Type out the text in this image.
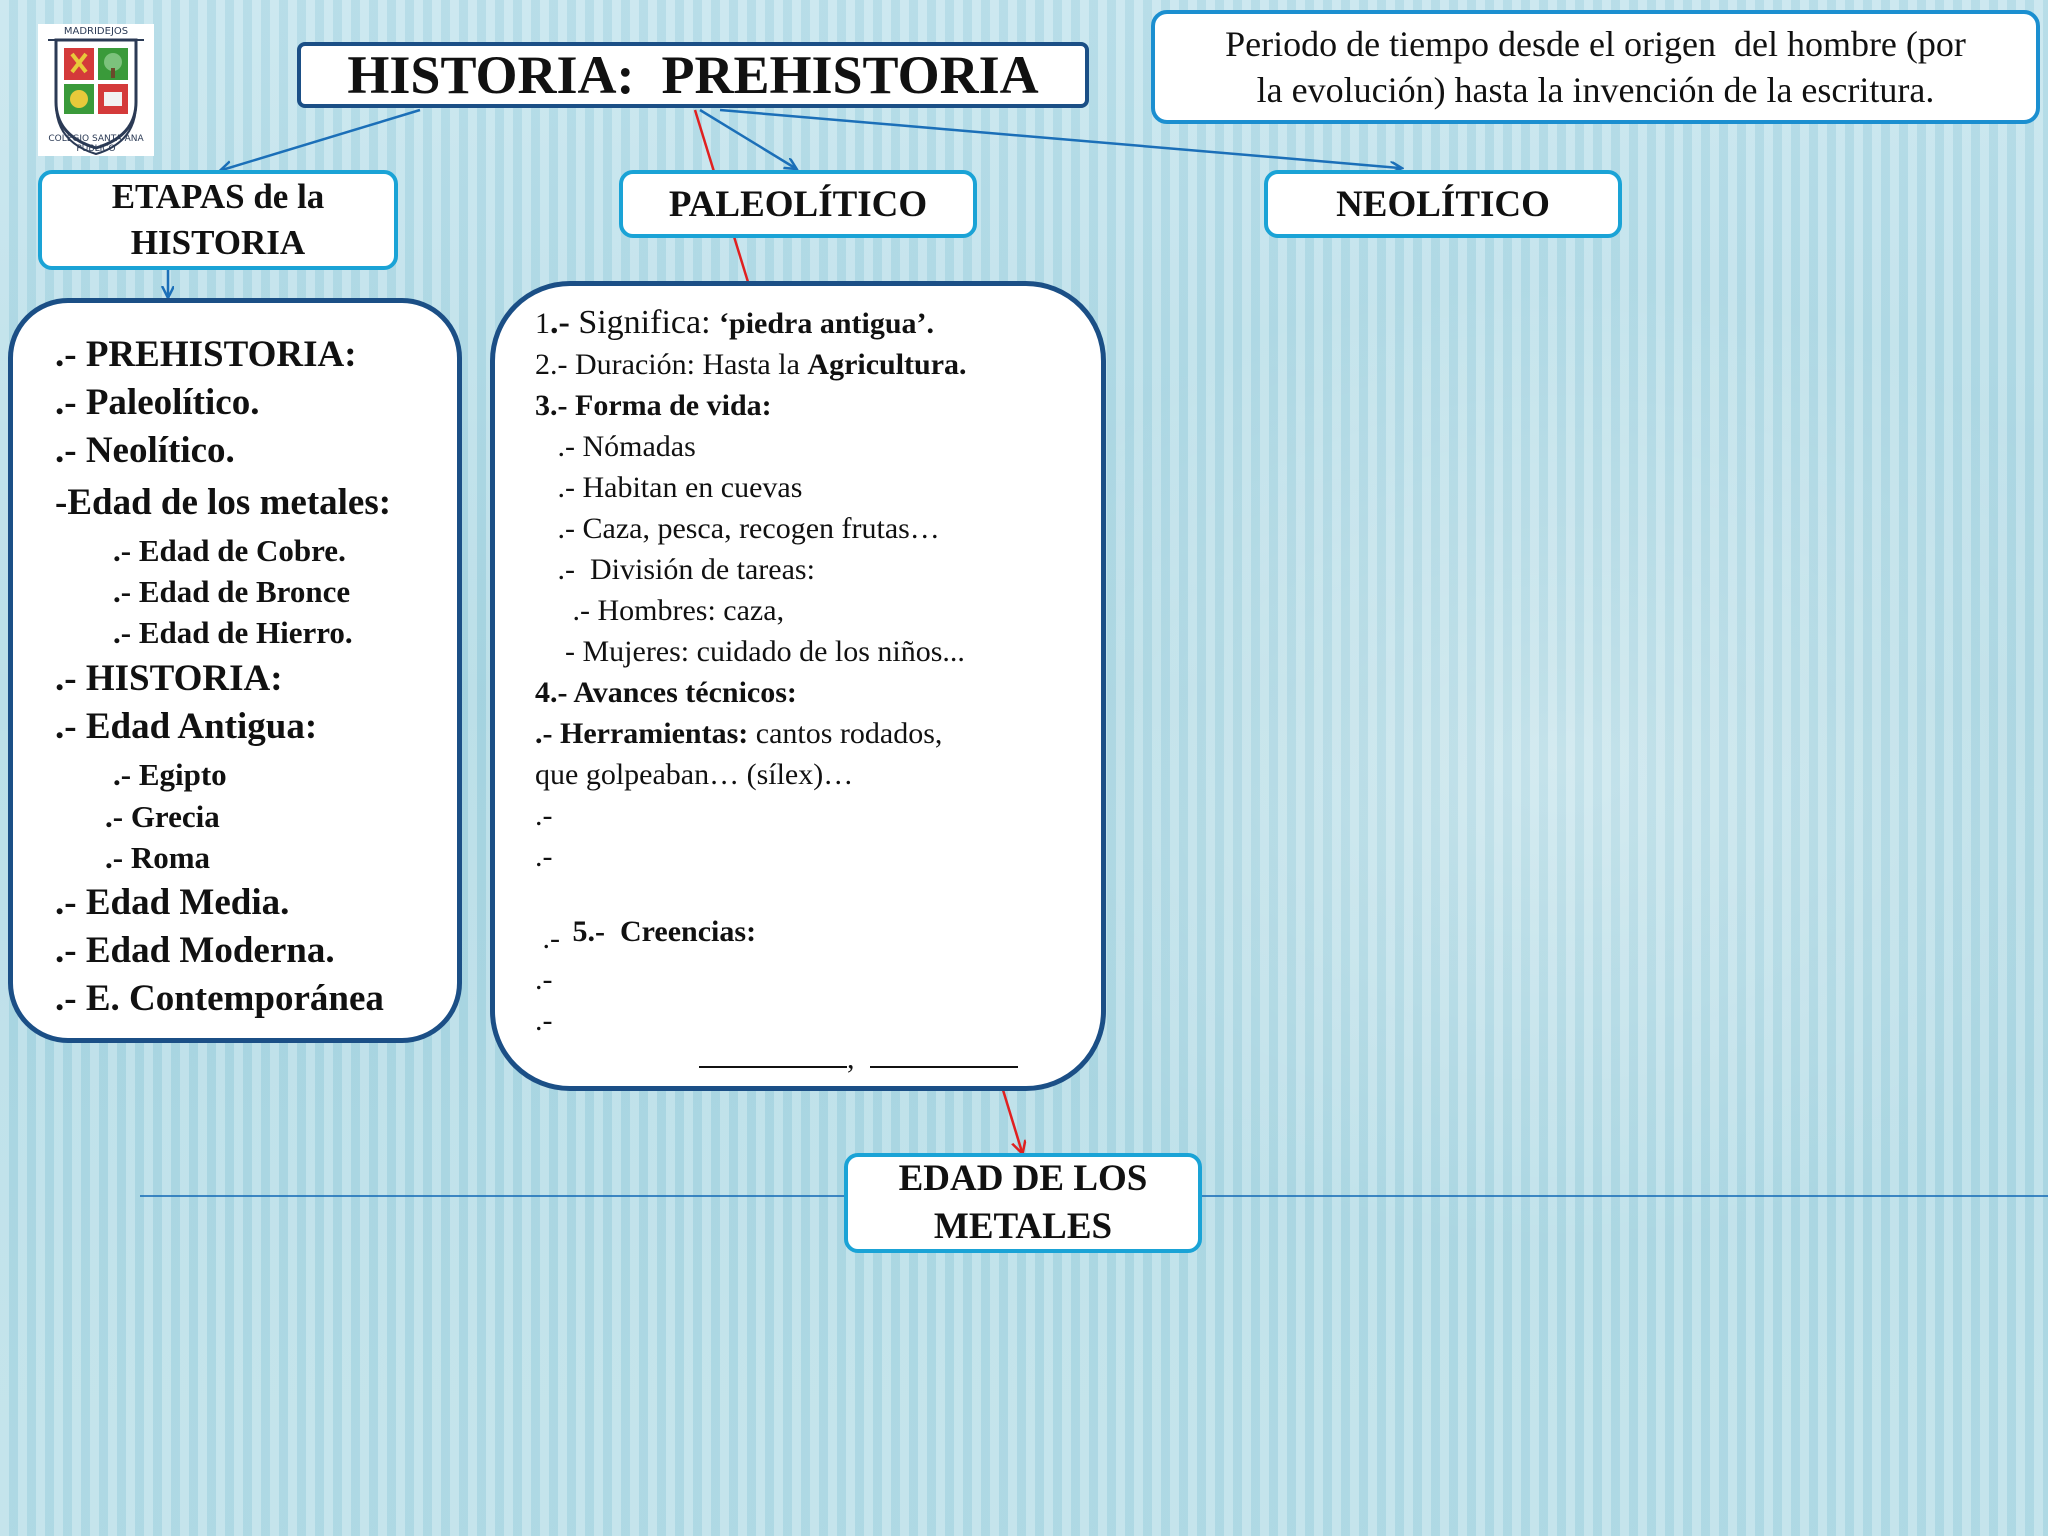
MADRIDEJOS
COLEGIO SANTA ANA PÚBLICO
HISTORIA:  PREHISTORIA
Periodo de tiempo desde el origen  del hombre (por
la evolución) hasta la invención de la escritura.
ETAPAS de la
HISTORIA
PALEOLÍTICO	NEOLÍTICO
EDAD DE LOS
METALES
.- PREHISTORIA:
.- Paleolítico.
.- Neolítico.
-Edad de los metales:
.- Edad de Cobre.
.- Edad de Bronce
.- Edad de Hierro.
.- HISTORIA:
.- Edad Antigua:
.- Egipto
.- Grecia
.- Roma
.- Edad Media.
.- Edad Moderna.
.- E. Contemporánea
1.- Significa: ‘piedra antigua’.
2.- Duración: Hasta la Agricultura.
3.- Forma de vida:
.- Nómadas
.- Habitan en cuevas
.- Caza, pesca, recogen frutas…
.-  División de tareas:
.- Hombres: caza,
- Mujeres: cuidado de los niños...
4.- Avances técnicos:
.- Herramientas: cantos rodados,
que golpeaban… (sílex)…
.-
.-

5.-  Creencias:

.-
.-
.-
,
